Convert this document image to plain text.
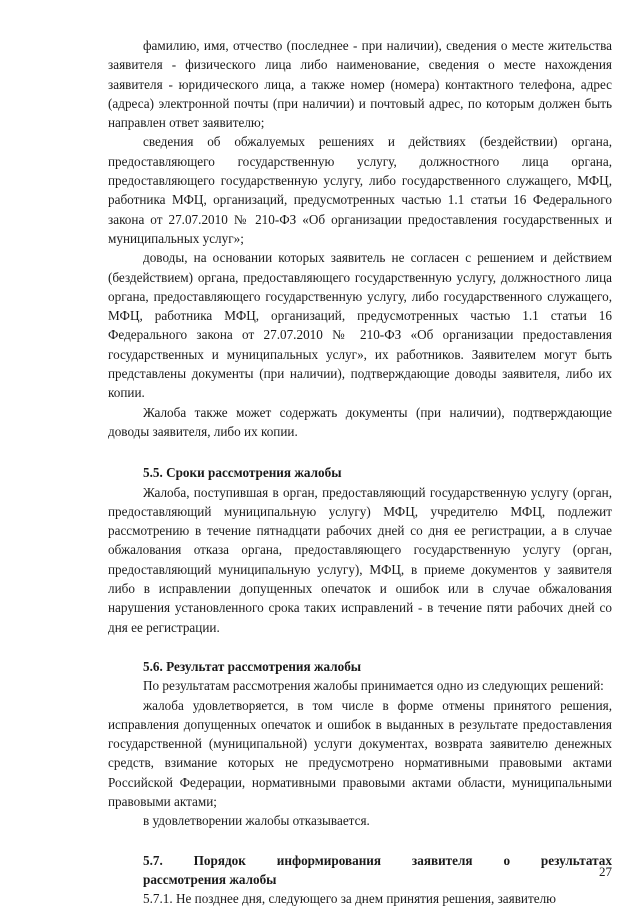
фамилию, имя, отчество (последнее - при наличии), сведения о месте жительства заявителя - физического лица либо наименование, сведения о месте нахождения заявителя - юридического лица, а также номер (номера) контактного телефона, адрес (адреса) электронной почты (при наличии) и почтовый адрес, по которым должен быть направлен ответ заявителю;

сведения об обжалуемых решениях и действиях (бездействии) органа, предоставляющего государственную услугу, должностного лица органа, предоставляющего государственную услугу, либо государственного служащего, МФЦ, работника МФЦ, организаций, предусмотренных частью 1.1 статьи 16 Федерального закона от 27.07.2010 № 210-ФЗ «Об организации предоставления государственных и муниципальных услуг»;

доводы, на основании которых заявитель не согласен с решением и действием (бездействием) органа, предоставляющего государственную услугу, должностного лица органа, предоставляющего государственную услугу, либо государственного служащего, МФЦ, работника МФЦ, организаций, предусмотренных частью 1.1 статьи 16 Федерального закона от 27.07.2010 № 210-ФЗ «Об организации предоставления государственных и муниципальных услуг», их работников. Заявителем могут быть представлены документы (при наличии), подтверждающие доводы заявителя, либо их копии.

Жалоба также может содержать документы (при наличии), подтверждающие доводы заявителя, либо их копии.

5.5. Сроки рассмотрения жалобы

Жалоба, поступившая в орган, предоставляющий государственную услугу (орган, предоставляющий муниципальную услугу) МФЦ, учредителю МФЦ, подлежит рассмотрению в течение пятнадцати рабочих дней со дня ее регистрации, а в случае обжалования отказа органа, предоставляющего государственную услугу (орган, предоставляющий муниципальную услугу), МФЦ, в приеме документов у заявителя либо в исправлении допущенных опечаток и ошибок или в случае обжалования нарушения установленного срока таких исправлений - в течение пяти рабочих дней со дня ее регистрации.

5.6. Результат рассмотрения жалобы

По результатам рассмотрения жалобы принимается одно из следующих решений:

жалоба удовлетворяется, в том числе в форме отмены принятого решения, исправления допущенных опечаток и ошибок в выданных в результате предоставления государственной (муниципальной) услуги документах, возврата заявителю денежных средств, взимание которых не предусмотрено нормативными правовыми актами Российской Федерации, нормативными правовыми актами области, муниципальными правовыми актами;

в удовлетворении жалобы отказывается.

5.7. Порядок информирования заявителя о результатах
рассмотрения жалобы

5.7.1. Не позднее дня, следующего за днем принятия решения, заявителю

27
